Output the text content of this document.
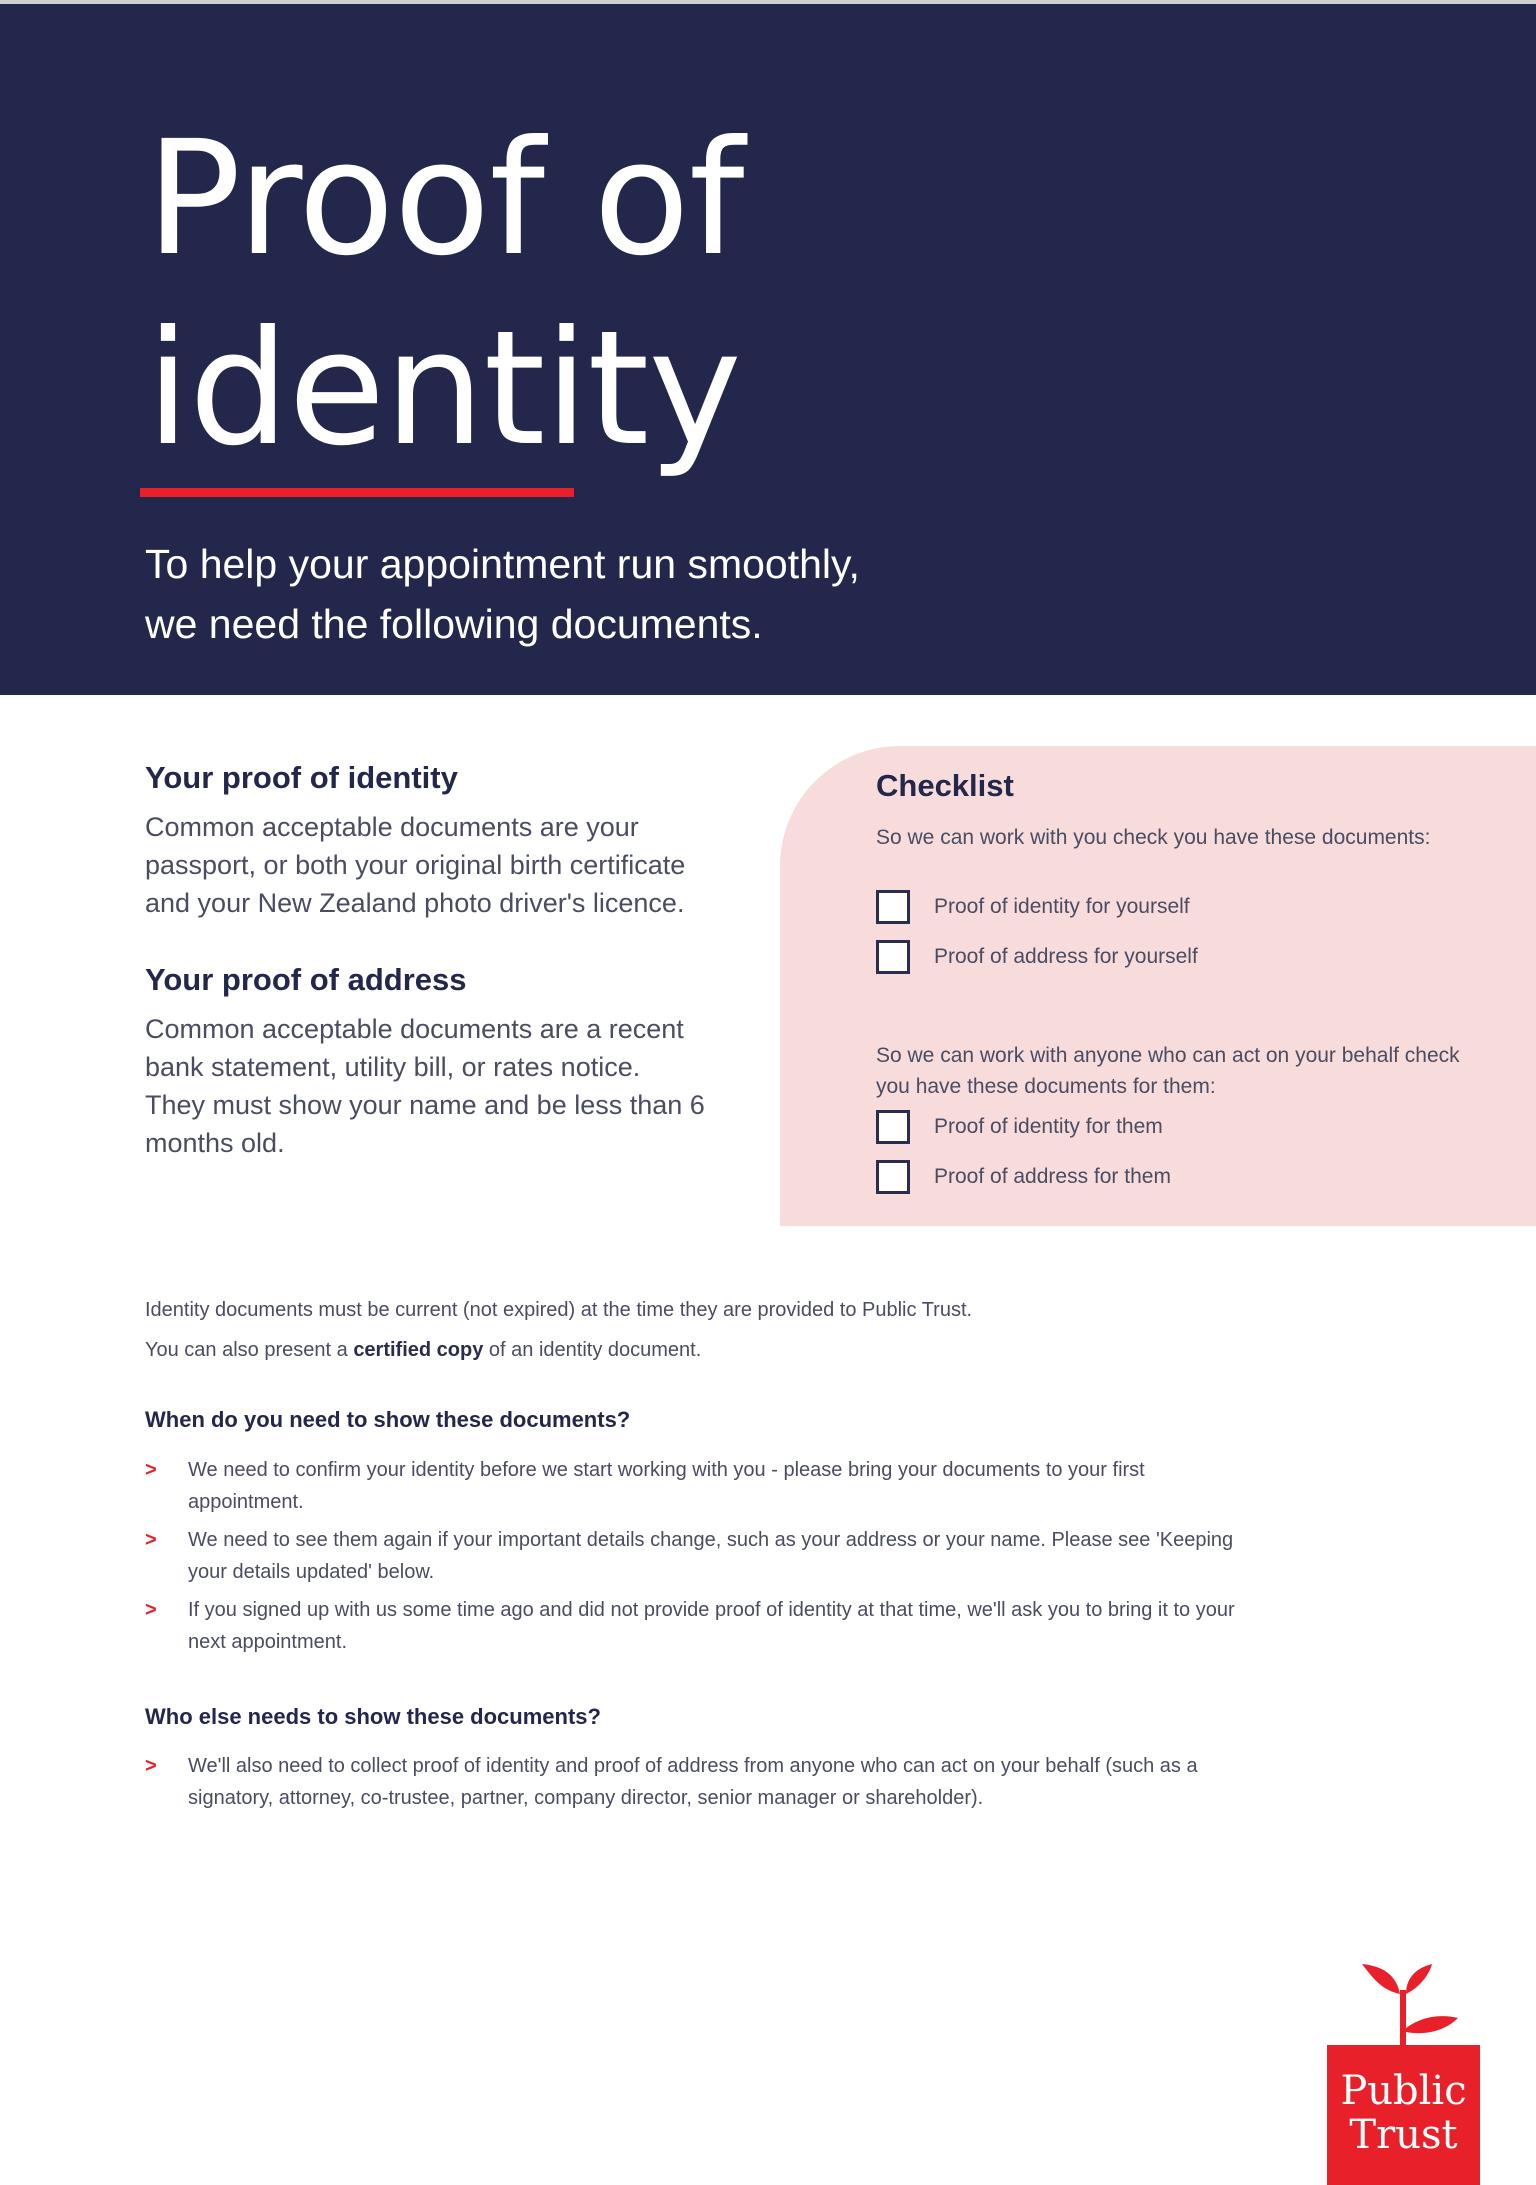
Proof of
identity
To help your appointment run smoothly,
we need the following documents.
Your proof of identity

Common acceptable documents are your passport, or both your original birth certificate and your New Zealand photo driver's licence.

Your proof of address

Common acceptable documents are a recent bank statement, utility bill, or rates notice. They must show your name and be less than 6 months old.

Checklist
So we can work with you check you have these documents:
Proof of identity for yourself
Proof of address for yourself
So we can work with anyone who can act on your behalf check you have these documents for them:
Proof of identity for them
Proof of address for them
Identity documents must be current (not expired) at the time they are provided to Public Trust.
You can also present a certified copy of an identity document.
When do you need to show these documents?
> We need to confirm your identity before we start working with you - please bring your documents to your first appointment.
> We need to see them again if your important details change, such as your address or your name. Please see 'Keeping your details updated' below.
> If you signed up with us some time ago and did not provide proof of identity at that time, we'll ask you to bring it to your next appointment.
Who else needs to show these documents?
> We'll also need to collect proof of identity and proof of address from anyone who can act on your behalf (such as a signatory, attorney, co-trustee, partner, company director, senior manager or shareholder).
Public
Trust
